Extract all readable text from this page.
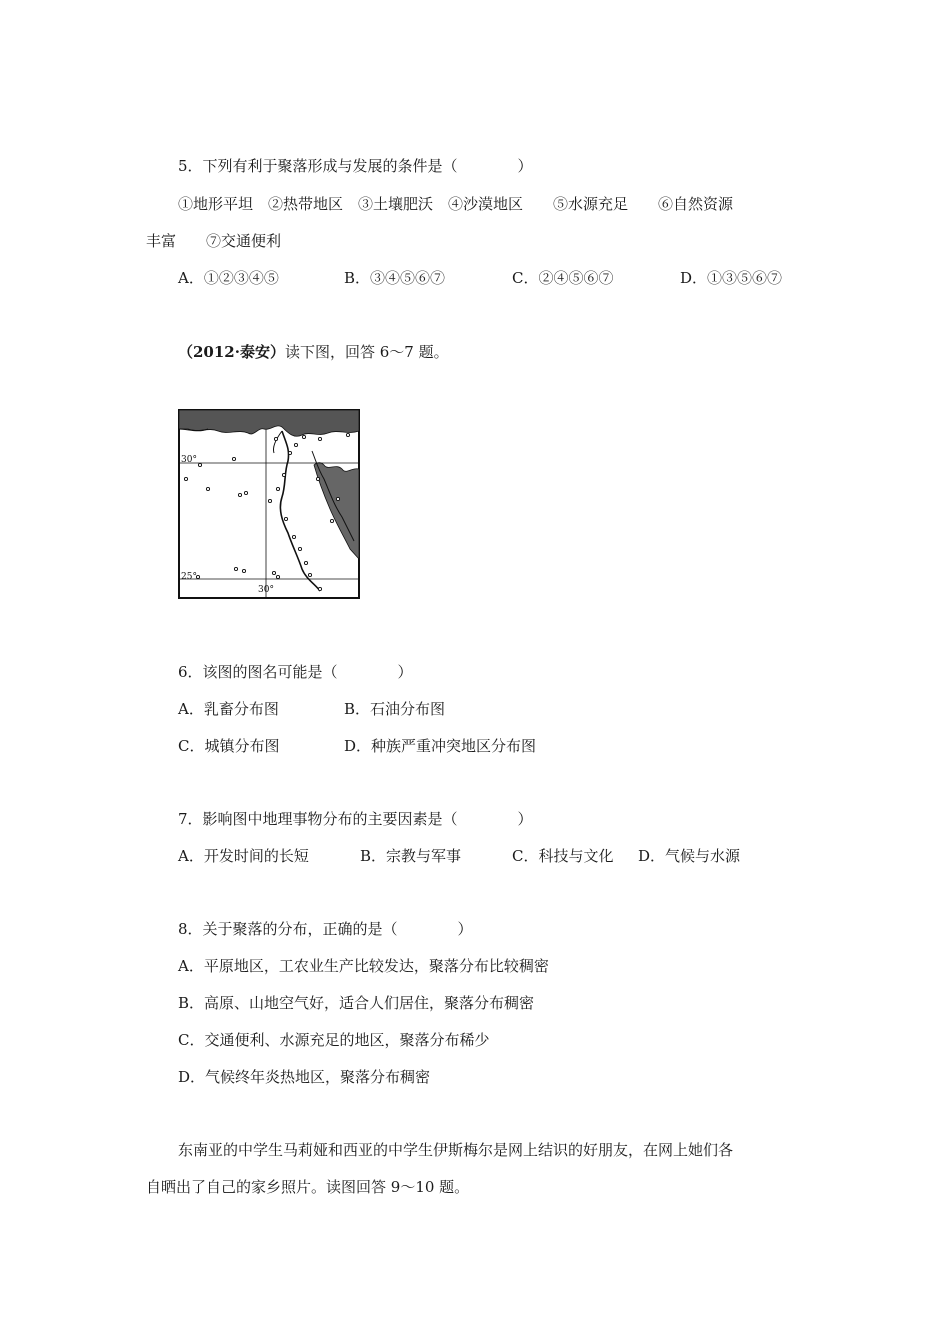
5．下列有利于聚落形成与发展的条件是（　　　　）
①地形平坦　②热带地区　③土壤肥沃　④沙漠地区　　⑤水源充足　　⑥自然资源
丰富　　⑦交通便利
A．①②③④⑤	B．③④⑤⑥⑦	C．②④⑤⑥⑦	D．①③⑤⑥⑦
（2012·泰安）读下图，回答 6～7 题。
30°
25°
30°
6．该图的图名可能是（　　　　）
A．乳畜分布图	B．石油分布图
C．城镇分布图	D．种族严重冲突地区分布图
7．影响图中地理事物分布的主要因素是（　　　　）
A．开发时间的长短	B．宗教与军事	C．科技与文化 D．气候与水源
8．关于聚落的分布，正确的是（　　　　）
A．平原地区，工农业生产比较发达，聚落分布比较稠密
B．高原、山地空气好，适合人们居住，聚落分布稠密
C．交通便利、水源充足的地区，聚落分布稀少
D．气候终年炎热地区，聚落分布稠密
东南亚的中学生马莉娅和西亚的中学生伊斯梅尔是网上结识的好朋友，在网上她们各
自晒出了自己的家乡照片。读图回答 9～10 题。
